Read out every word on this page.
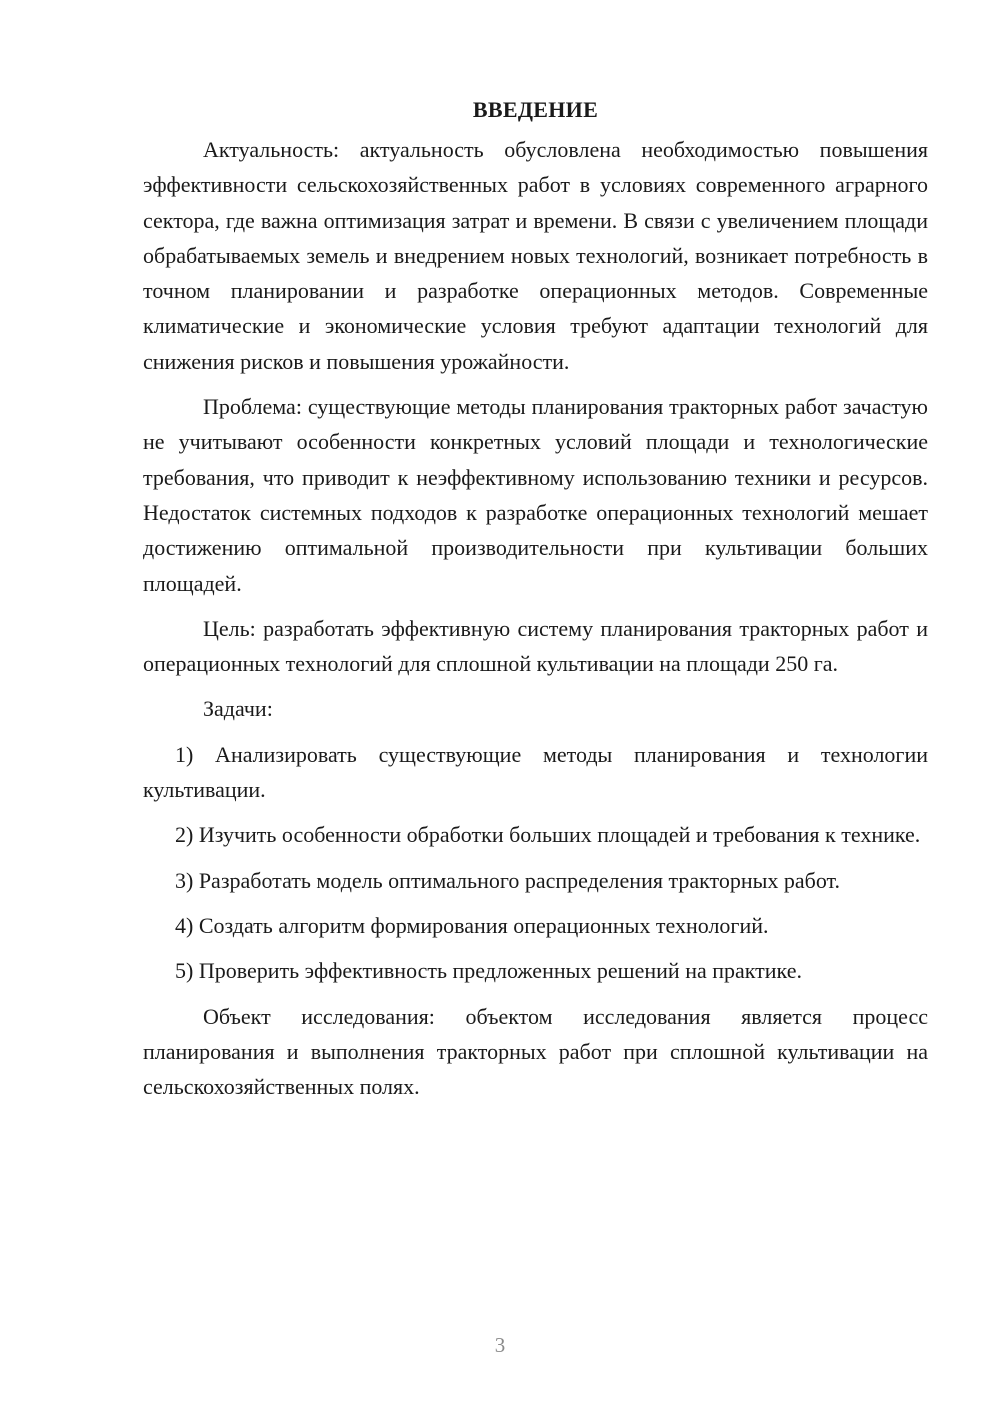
ВВЕДЕНИЕ

Актуальность: актуальность обусловлена необходимостью повышения эффективности сельскохозяйственных работ в условиях современного аграрного сектора, где важна оптимизация затрат и времени. В связи с увеличением площади обрабатываемых земель и внедрением новых технологий, возникает потребность в точном планировании и разработке операционных методов. Современные климатические и экономические условия требуют адаптации технологий для снижения рисков и повышения урожайности.

Проблема: существующие методы планирования тракторных работ зачастую не учитывают особенности конкретных условий площади и технологические требования, что приводит к неэффективному использованию техники и ресурсов. Недостаток системных подходов к разработке операционных технологий мешает достижению оптимальной производительности при культивации больших площадей.

Цель: разработать эффективную систему планирования тракторных работ и операционных технологий для сплошной культивации на площади 250 га.

Задачи:

1) Анализировать существующие методы планирования и технологии культивации.

2) Изучить особенности обработки больших площадей и требования к технике.

3) Разработать модель оптимального распределения тракторных работ.

4) Создать алгоритм формирования операционных технологий.

5) Проверить эффективность предложенных решений на практике.

Объект исследования: объектом исследования является процесс планирования и выполнения тракторных работ при сплошной культивации на сельскохозяйственных полях.

3
